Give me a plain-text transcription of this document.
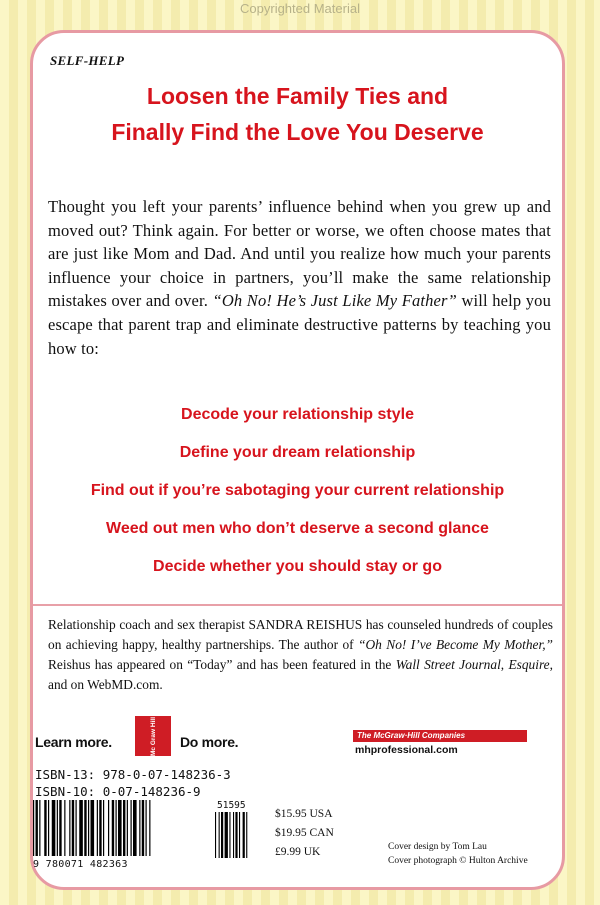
Copyrighted Material
SELF-HELP
Loosen the Family Ties and
Finally Find the Love You Deserve
Thought you left your parents’ influence behind when you grew up and moved out? Think again. For better or worse, we often choose mates that are just like Mom and Dad. And until you realize how much your parents influence your choice in partners, you’ll make the same relationship mistakes over and over. “Oh No! He’s Just Like My Father” will help you escape that parent trap and eliminate destructive patterns by teaching you how to:
Decode your relationship style
Define your dream relationship
Find out if you’re sabotaging your current relationship
Weed out men who don’t deserve a second glance
Decide whether you should stay or go
Relationship coach and sex therapist SANDRA REISHUS has counseled hundreds of couples on achieving happy, healthy partnerships. The author of “Oh No! I’ve Become My Mother,” Reishus has appeared on “Today” and has been featured in the Wall Street Journal, Esquire, and on WebMD.com.
Learn more.	Mc Graw Hill Do more.	The McGraw·Hill Companies
mhprofessional.com
ISBN-13: 978-0-07-148236-3
ISBN-10: 0-07-148236-9
9 780071 482363
51595
$15.95 USA
$19.95 CAN
£9.99 UK	Cover design by Tom Lau
Cover photograph © Hulton Archive
